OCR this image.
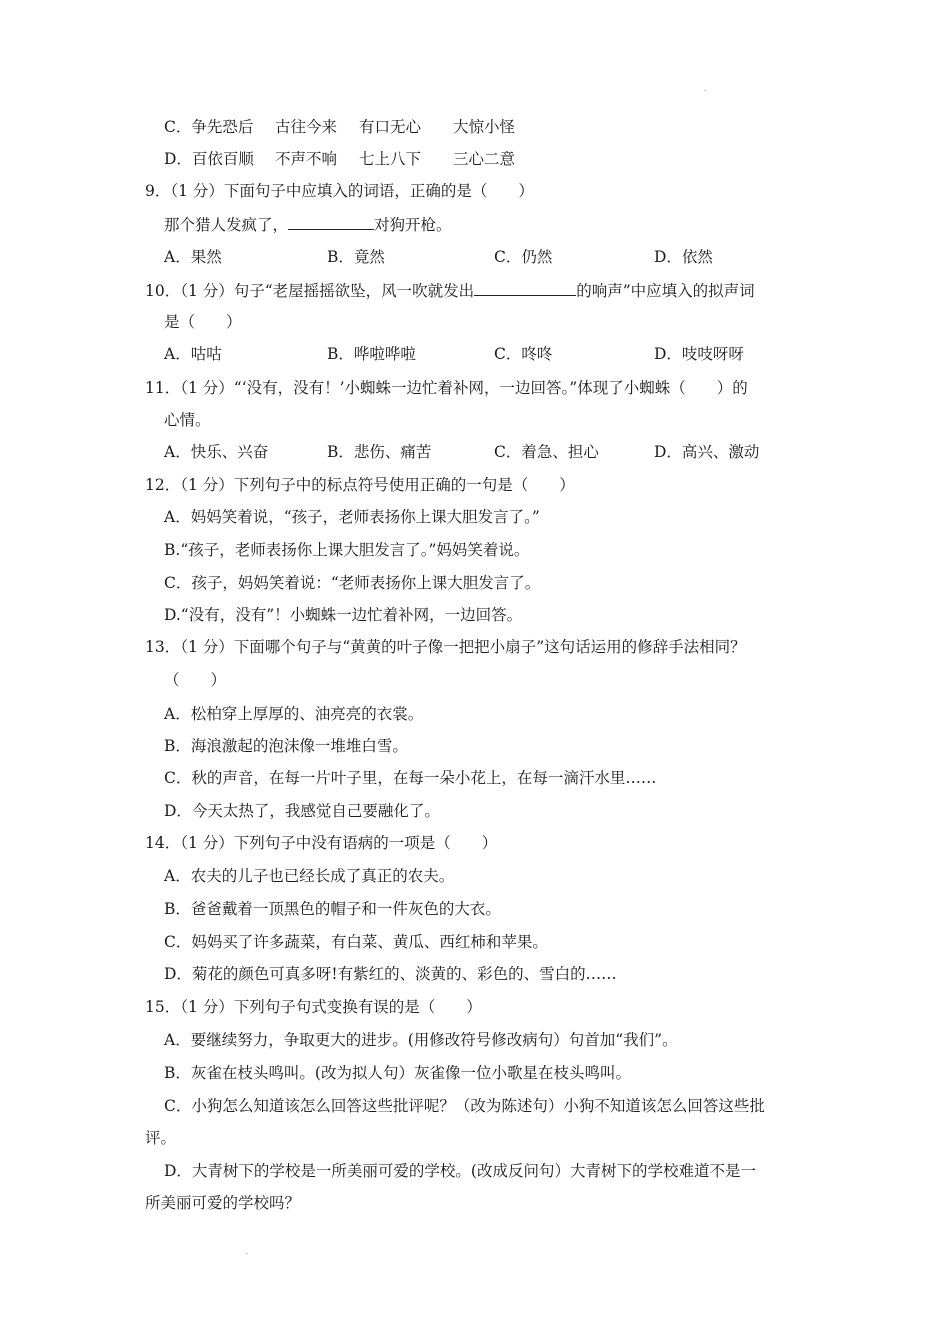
C．争先恐后 古往今来 有口无心 大惊小怪
D．百依百顺 不声不响 七上八下 三心二意
9．（1 分）下面句子中应填入的词语，正确的是（　　）
那个猎人发疯了，	对狗开枪。
A．果然	B．竟然	C．仍然	D．依然
10．（1 分）句子“老屋摇摇欲坠，风一吹就发出	的响声”中应填入的拟声词
是（　　）
A．咕咕	B．哗啦哗啦	C．咚咚	D．吱吱呀呀
11．（1 分）“‘没有，没有！’小蜘蛛一边忙着补网，一边回答。”体现了小蜘蛛（　　）的
心情。
A．快乐、兴奋	B．悲伤、痛苦	C．着急、担心	D．高兴、激动
12．（1 分）下列句子中的标点符号使用正确的一句是（　　）
A．妈妈笑着说，“孩子，老师表扬你上课大胆发言了。”
B.“孩子，老师表扬你上课大胆发言了。”妈妈笑着说。
C．孩子，妈妈笑着说：“老师表扬你上课大胆发言了。
D.“没有，没有”！小蜘蛛一边忙着补网，一边回答。
13．（1 分）下面哪个句子与“黄黄的叶子像一把把小扇子”这句话运用的修辞手法相同？
（　　）
A．松柏穿上厚厚的、油亮亮的衣裳。
B．海浪激起的泡沫像一堆堆白雪。
C．秋的声音，在每一片叶子里，在每一朵小花上，在每一滴汗水里……
D．今天太热了，我感觉自己要融化了。
14．（1 分）下列句子中没有语病的一项是（　　）
A．农夫的儿子也已经长成了真正的农夫。
B．爸爸戴着一顶黑色的帽子和一件灰色的大衣。
C．妈妈买了许多蔬菜，有白菜、黄瓜、西红柿和苹果。
D．菊花的颜色可真多呀!有紫红的、淡黄的、彩色的、雪白的……
15．（1 分）下列句子句式变换有误的是（　　）
A．要继续努力，争取更大的进步。(用修改符号修改病句）句首加“我们”。
B．灰雀在枝头鸣叫。(改为拟人句）灰雀像一位小歌星在枝头鸣叫。
C．小狗怎么知道该怎么回答这些批评呢？（改为陈述句）小狗不知道该怎么回答这些批
评。
D．大青树下的学校是一所美丽可爱的学校。(改成反问句）大青树下的学校难道不是一
所美丽可爱的学校吗？
